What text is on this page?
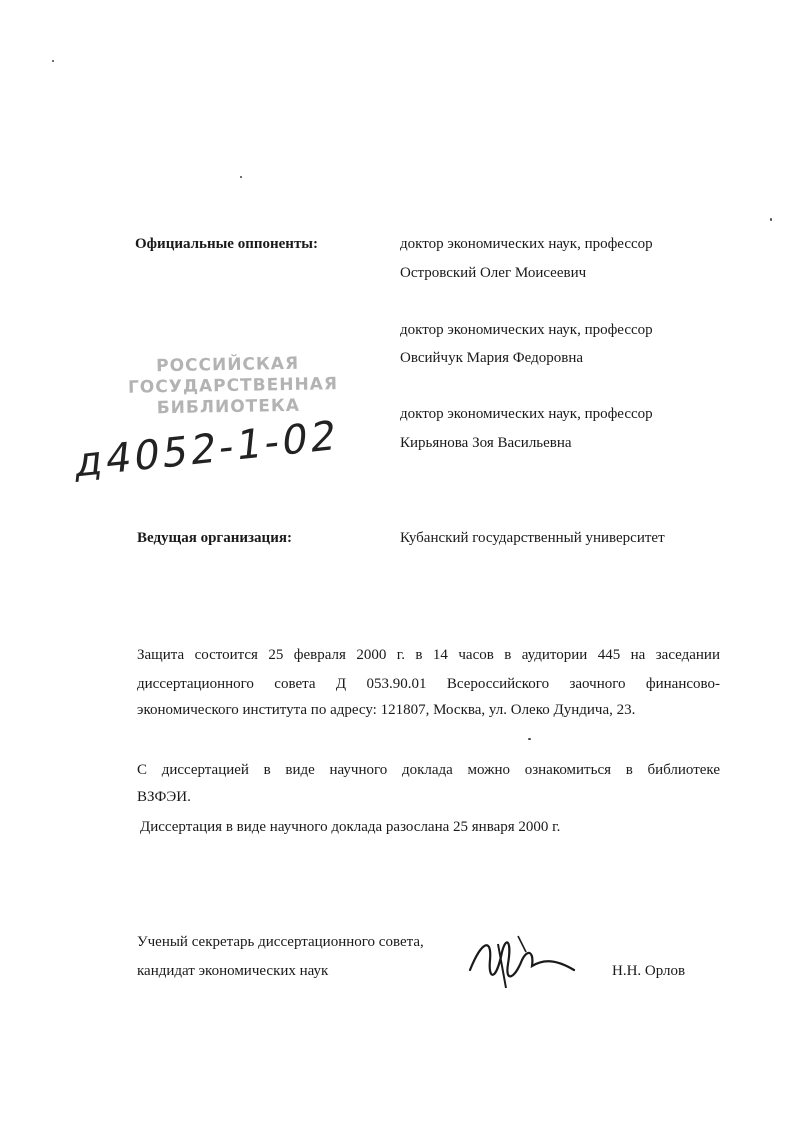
Официальные оппоненты:	доктор экономических наук, профессор
Островский Олег Моисеевич
доктор экономических наук, профессор
Овсийчук Мария Федоровна
доктор экономических наук, профессор
Кирьянова Зоя Васильевна
РОССИЙСКАЯ
ГОСУДАРСТВЕННАЯ
БИБЛИОТЕКА
д4052-1-02
Ведущая организация:	Кубанский государственный университет
Защита состоится 25 февраля 2000 г. в 14 часов в аудитории 445 на заседании
диссертационного совета Д 053.90.01 Всероссийского заочного финансово-
экономического института по адресу: 121807, Москва, ул. Олеко Дундича, 23.
С диссертацией в виде научного доклада можно ознакомиться в библиотеке
ВЗФЭИ.
Диссертация в виде научного доклада разослана 25 января 2000 г.
Ученый секретарь диссертационного совета,
кандидат экономических наук	Н.Н. Орлов
